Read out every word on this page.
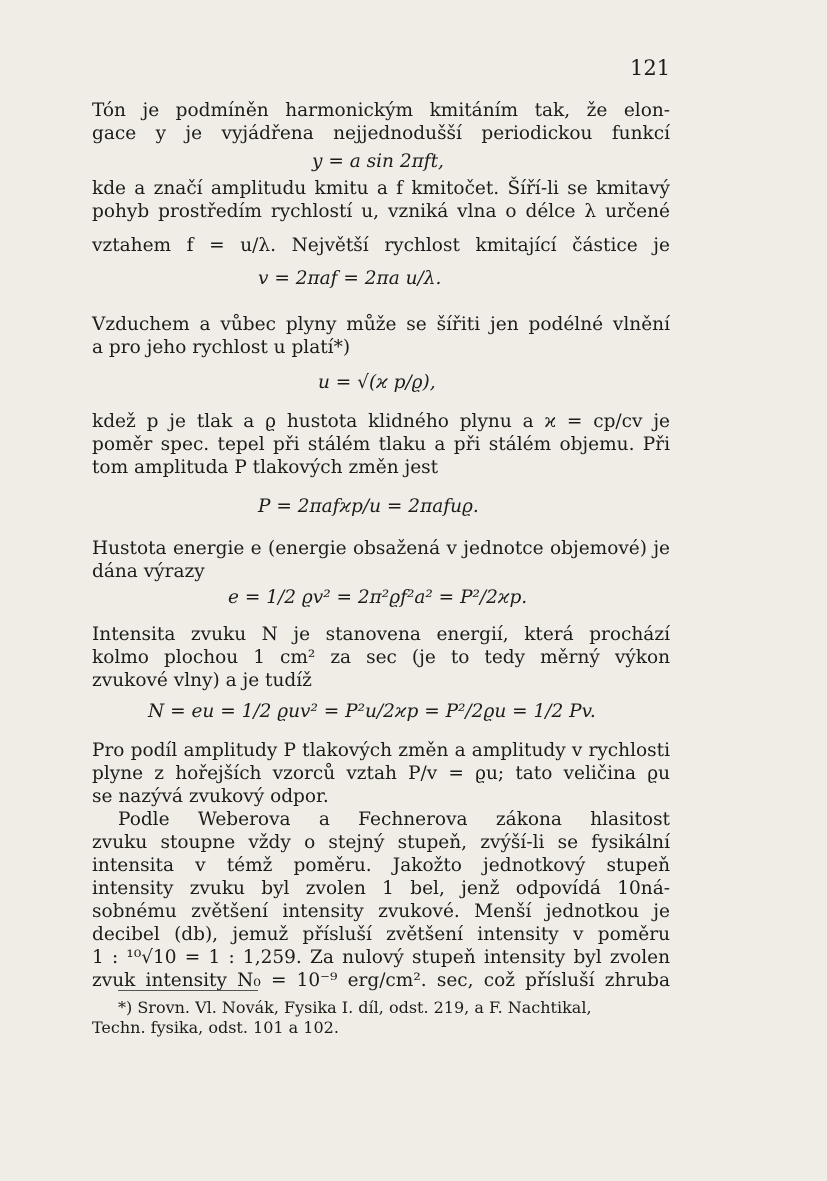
121
Tón je podmíněn harmonickým kmitáním tak, že elon-
gace y je vyjádřena nejjednodušší periodickou funkcí
y = a sin 2πft,
kde a značí amplitudu kmitu a f kmitočet. Šíří-li se kmitavý
pohyb prostředím rychlostí u, vzniká vlna o délce λ určené
vztahem f = u/λ. Největší rychlost kmitající částice je
v = 2πaf = 2πa u/λ.
Vzduchem a vůbec plyny může se šířiti jen podélné vlnění
a pro jeho rychlost u platí*)
u = √(ϰ p/ϱ),
kdež p je tlak a ϱ hustota klidného plynu a ϰ = cp/cv je
poměr spec. tepel při stálém tlaku a při stálém objemu. Při
tom amplituda P tlakových změn jest
P = 2πafϰp/u = 2πafuϱ.
Hustota energie e (energie obsažená v jednotce objemové) je
dána výrazy
e = 1/2 ϱv² = 2π²ϱf²a² = P²/2ϰp.
Intensita zvuku N je stanovena energií, která prochází
kolmo plochou 1 cm² za sec (je to tedy měrný výkon
zvukové vlny) a je tudíž
N = eu = 1/2 ϱuv² = P²u/2ϰp = P²/2ϱu = 1/2 Pv.
Pro podíl amplitudy P tlakových změn a amplitudy v rychlosti
plyne z hořejších vzorců vztah P/v = ϱu; tato veličina ϱu
se nazývá zvukový odpor.
Podle Weberova a Fechnerova zákona hlasitost
zvuku stoupne vždy o stejný stupeň, zvýší-li se fysikální
intensita v témž poměru. Jakožto jednotkový stupeň
intensity zvuku byl zvolen 1 bel, jenž odpovídá 10ná-
sobnému zvětšení intensity zvukové. Menší jednotkou je
decibel (db), jemuž přísluší zvětšení intensity v poměru
1 : ¹⁰√10 = 1 : 1,259. Za nulový stupeň intensity byl zvolen
zvuk intensity N₀ = 10⁻⁹ erg/cm². sec, což přísluší zhruba
*) Srovn. Vl. Novák, Fysika I. díl, odst. 219, a F. Nachtikal,
Techn. fysika, odst. 101 a 102.
